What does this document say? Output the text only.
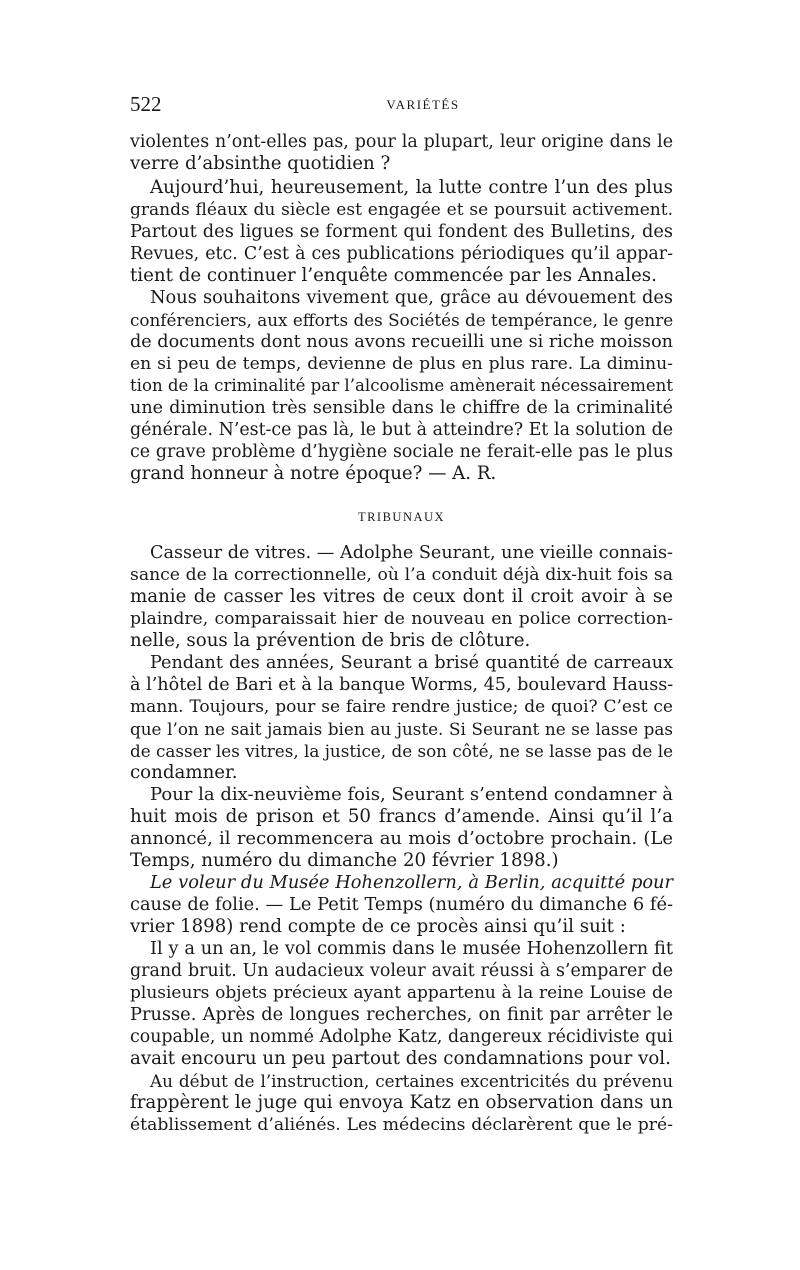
522	VARIÉTÉS
violentes n’ont-elles pas, pour la plupart, leur origine dans le
verre d’absinthe quotidien ?
Aujourd’hui, heureusement, la lutte contre l’un des plus
grands fléaux du siècle est engagée et se poursuit activement.
Partout des ligues se forment qui fondent des Bulletins, des
Revues, etc. C’est à ces publications périodiques qu’il appar-
tient de continuer l’enquête commencée par les Annales.
Nous souhaitons vivement que, grâce au dévouement des
conférenciers, aux efforts des Sociétés de tempérance, le genre
de documents dont nous avons recueilli une si riche moisson
en si peu de temps, devienne de plus en plus rare. La diminu-
tion de la criminalité par l’alcoolisme amènerait nécessairement
une diminution très sensible dans le chiffre de la criminalité
générale. N’est-ce pas là, le but à atteindre? Et la solution de
ce grave problème d’hygiène sociale ne ferait-elle pas le plus
grand honneur à notre époque? — A. R.
TRIBUNAUX
Casseur de vitres. — Adolphe Seurant, une vieille connais-
sance de la correctionnelle, où l’a conduit déjà dix-huit fois sa
manie de casser les vitres de ceux dont il croit avoir à se
plaindre, comparaissait hier de nouveau en police correction-
nelle, sous la prévention de bris de clôture.
Pendant des années, Seurant a brisé quantité de carreaux
à l’hôtel de Bari et à la banque Worms, 45, boulevard Hauss-
mann. Toujours, pour se faire rendre justice; de quoi? C’est ce
que l’on ne sait jamais bien au juste. Si Seurant ne se lasse pas
de casser les vitres, la justice, de son côté, ne se lasse pas de le
condamner.
Pour la dix-neuvième fois, Seurant s’entend condamner à
huit mois de prison et 50 francs d’amende. Ainsi qu’il l’a
annoncé, il recommencera au mois d’octobre prochain. (Le
Temps, numéro du dimanche 20 février 1898.)
Le voleur du Musée Hohenzollern, à Berlin, acquitté pour
cause de folie. — Le Petit Temps (numéro du dimanche 6 fé-
vrier 1898) rend compte de ce procès ainsi qu’il suit :
Il y a un an, le vol commis dans le musée Hohenzollern fit
grand bruit. Un audacieux voleur avait réussi à s’emparer de
plusieurs objets précieux ayant appartenu à la reine Louise de
Prusse. Après de longues recherches, on finit par arrêter le
coupable, un nommé Adolphe Katz, dangereux récidiviste qui
avait encouru un peu partout des condamnations pour vol.
Au début de l’instruction, certaines excentricités du prévenu
frappèrent le juge qui envoya Katz en observation dans un
établissement d’aliénés. Les médecins déclarèrent que le pré-
